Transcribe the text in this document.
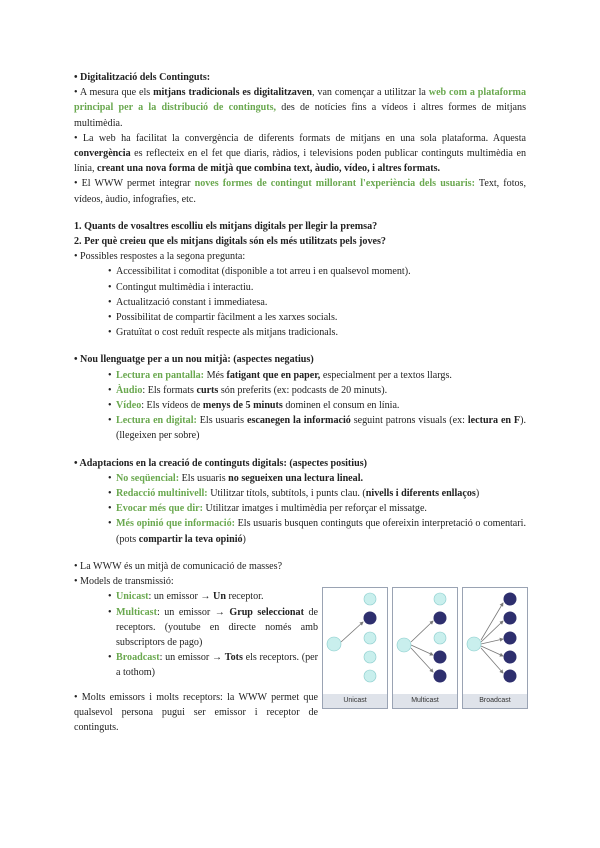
• Digitalització dels Continguts:

• A mesura que els mitjans tradicionals es digitalitzaven, van començar a utilitzar la web com a plataforma principal per a la distribució de continguts, des de notícies fins a vídeos i altres formes de mitjans multimèdia.

• La web ha facilitat la convergència de diferents formats de mitjans en una sola plataforma. Aquesta convergència es reflecteix en el fet que diaris, ràdios, i televisions poden publicar continguts multimèdia en línia, creant una nova forma de mitjà que combina text, àudio, vídeo, i altres formats.

• El WWW permet integrar noves formes de contingut millorant l'experiència dels usuaris: Text, fotos, vídeos, àudio, infografies, etc.

1. Quants de vosaltres escolliu els mitjans digitals per llegir la premsa?

2. Per què creieu que els mitjans digitals són els més utilitzats pels joves?

• Possibles respostes a la segona pregunta:

• Accessibilitat i comoditat (disponible a tot arreu i en qualsevol moment).
• Contingut multimèdia i interactiu.
• Actualització constant i immediatesa.
• Possibilitat de compartir fàcilment a les xarxes socials.
• Gratuïtat o cost reduït respecte als mitjans tradicionals.

• Nou llenguatge per a un nou mitjà: (aspectes negatius)

• Lectura en pantalla: Més fatigant que en paper, especialment per a textos llargs.
• Àudio: Els formats curts són preferits (ex: podcasts de 20 minuts).
• Vídeo: Els vídeos de menys de 5 minuts dominen el consum en línia.
• Lectura en digital: Els usuaris escanegen la informació seguint patrons visuals (ex: lectura en F). (llegeixen per sobre)

• Adaptacions en la creació de continguts digitals: (aspectes positius)

• No seqüencial: Els usuaris no segueixen una lectura lineal.
• Redacció multinivell: Utilitzar títols, subtítols, i punts clau. (nivells i diferents enllaços)
• Evocar més que dir: Utilitzar imatges i multimèdia per reforçar el missatge.
• Més opinió que informació: Els usuaris busquen continguts que ofereixin interpretació o comentari. (pots compartir la teva opinió)

• La WWW és un mitjà de comunicació de masses?

• Models de transmissió:

• Unicast: un emissor → Un receptor.
• Multicast: un emissor → Grup seleccionat de receptors. (youtube en directe només amb subscriptors de pago)
• Broadcast: un emissor → Tots els receptors. (per a tothom)

• Molts emissors i molts receptors: la WWW permet que qualsevol persona pugui ser emissor i receptor de continguts.

Unicast	Multicast	Broadcast
